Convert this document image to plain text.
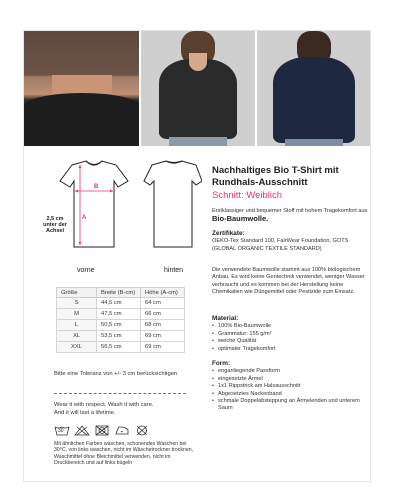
2,5 cm unter der Achsel
B
A
vorne	hinten
Nachhaltiges Bio T-Shirt mit Rundhals-Ausschnitt
Schnitt: Weiblich
Erstklassiger und bequemer Stoff mit hohem Tragekomfort aus Bio-Baumwolle.
Zertifikate:
OEKO-Tex Standard 100, FairWear Foundation, GOTS (GLOBAL ORGANIC TEXTILE STANDARD)
Die verwendete Baumwolle stammt aus 100% biologischem Anbau. Es wird keine Gentechnik verwendet, weniger Wasser verbraucht und es kommen bei der Herstellung keine Chemikalien wie Düngemittel oder Pestizide zum Einsatz.
Material:
• 100% Bio-Baumwolle
• Grammatur: 155 g/m²
• weiche Qualität
• optimaler Tragekomfort
Form:
• enganliegende Passform
• eingesetzte Ärmel
• 1x1 Rippstrick am Halsausschnitt
• Abgesetztes Nackenband
• schmale Doppelabsteppung an Ärmelenden und unterem Saum
Größe	Breite (B-cm)	Höhe (A-cm)
S	44,5 cm	64 cm
M	47,5 cm	66 cm
L	50,5 cm	68 cm
XL	53,5 cm	69 cm
XXL	56,5 cm	69 cm
Bitte eine Toleranz von +/- 3 cm berücksichtigen
Wear it with respect. Wash it with care.
And it will last a lifetime.
30
Mit ähnlichen Farben waschen, schonendes Waschen bei 30°C, von links waschen, nicht im Wäschetrockner trocknen, Waschmittel ohne Bleichmittel verwenden, nicht im Druckbereich und auf links bügeln
